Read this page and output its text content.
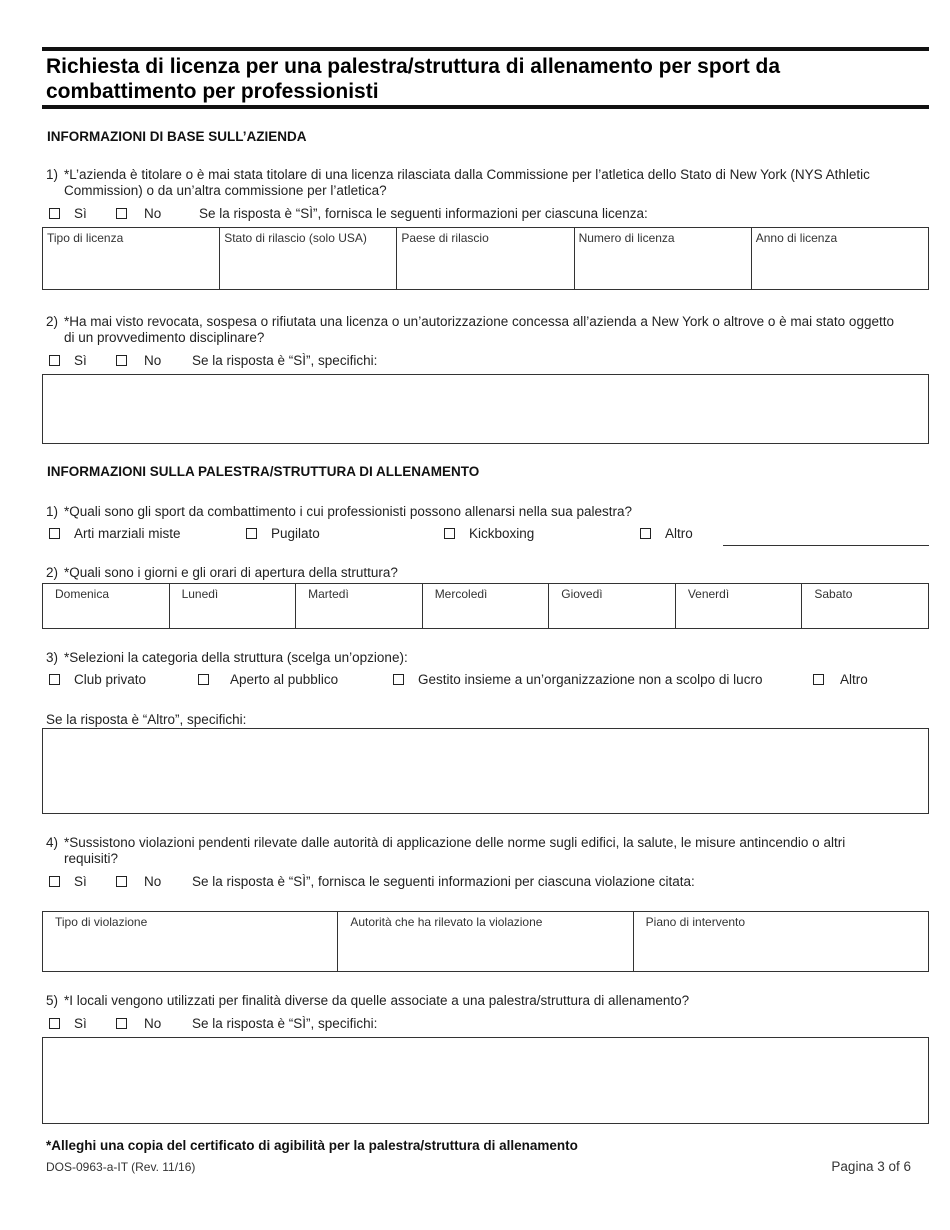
Richiesta di licenza per una palestra/struttura di allenamento per sport da
combattimento per professionisti
INFORMAZIONI DI BASE SULL’AZIENDA
1) *L’azienda è titolare o è mai stata titolare di una licenza rilasciata dalla Commissione per l’atletica dello Stato di New York (NYS Athletic
Commission) o da un’altra commissione per l’atletica?
Sì	No	Se la risposta è “SÌ”, fornisca le seguenti informazioni per ciascuna licenza:
Tipo di licenza	Stato di rilascio (solo USA)	Paese di rilascio	Numero di licenza	Anno di licenza
2) *Ha mai visto revocata, sospesa o rifiutata una licenza o un’autorizzazione concessa all’azienda a New York o altrove o è mai stato oggetto
di un provvedimento disciplinare?
Sì	No Se la risposta è “SÌ”, specifichi:
INFORMAZIONI SULLA PALESTRA/STRUTTURA DI ALLENAMENTO
1) *Quali sono gli sport da combattimento i cui professionisti possono allenarsi nella sua palestra?
Arti marziali miste	Pugilato	Kickboxing	Altro
2) *Quali sono i giorni e gli orari di apertura della struttura?
Domenica	Lunedì	Martedì	Mercoledì	Giovedì	Venerdì	Sabato
3) *Selezioni la categoria della struttura (scelga un’opzione):
Club privato	Aperto al pubblico	Gestito insieme a un’organizzazione non a scolpo di lucro	Altro
Se la risposta è “Altro”, specifichi:
4) *Sussistono violazioni pendenti rilevate dalle autorità di applicazione delle norme sugli edifici, la salute, le misure antincendio o altri
requisiti?
Sì	No Se la risposta è “SÌ”, fornisca le seguenti informazioni per ciascuna violazione citata:
Tipo di violazione	Autorità che ha rilevato la violazione	Piano di intervento
5) *I locali vengono utilizzati per finalità diverse da quelle associate a una palestra/struttura di allenamento?
Sì	No Se la risposta è “SÌ”, specifichi:
*Alleghi una copia del certificato di agibilità per la palestra/struttura di allenamento
DOS-0963-a-IT (Rev. 11/16)	Pagina 3 of 6
